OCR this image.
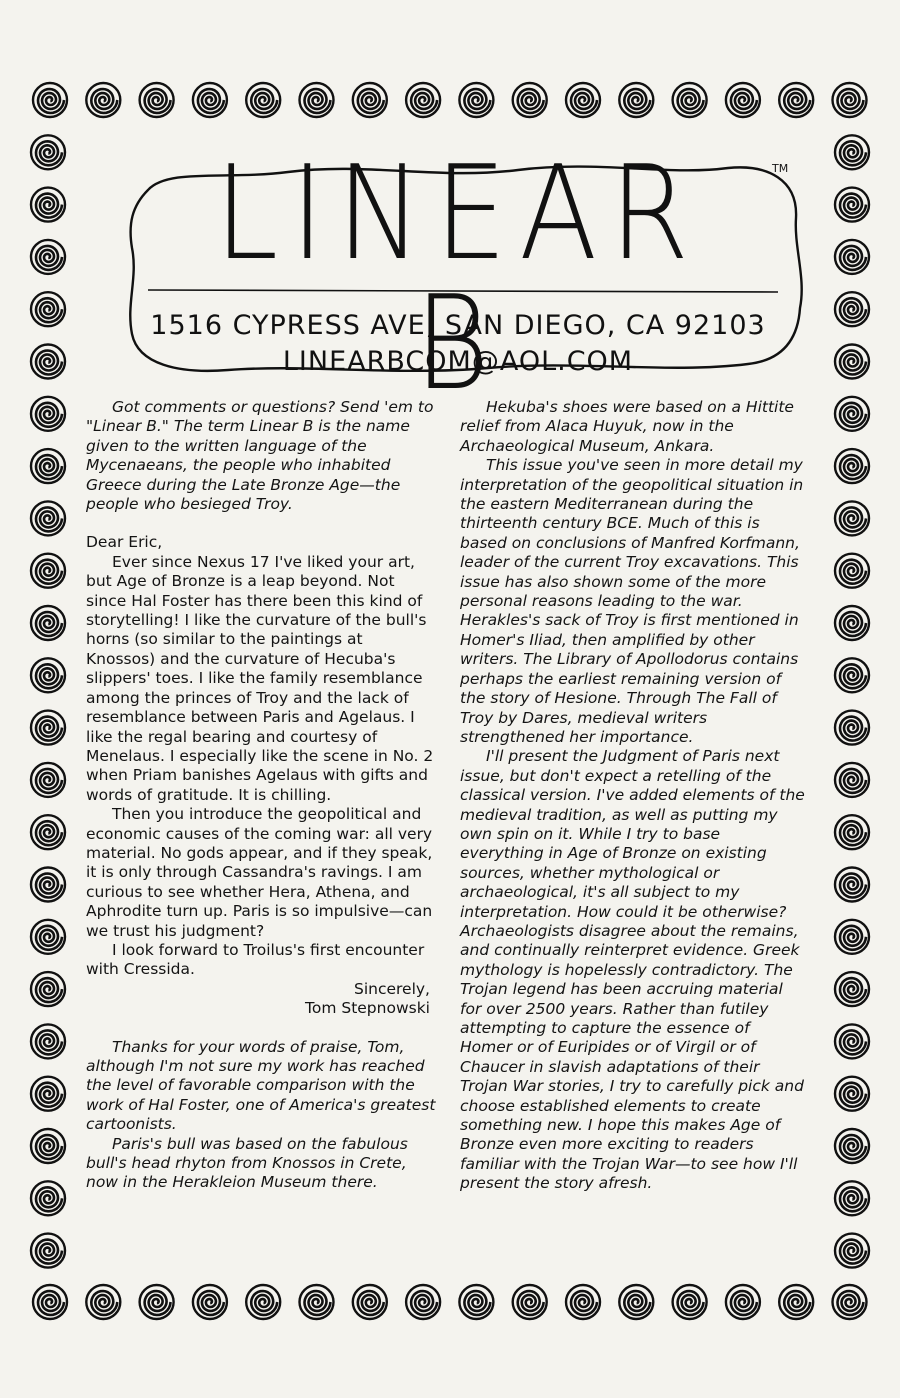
LINEAR B
TM
1516 CYPRESS AVE, SAN DIEGO, CA 92103
LINEARBCOM@AOL.COM

Got comments or questions? Send 'em to "Linear B." The term Linear B is the name given to the written language of the Mycenaeans, the people who inhabited Greece during the Late Bronze Age—the people who besieged Troy.

Dear Eric,

Ever since Nexus 17 I've liked your art, but Age of Bronze is a leap beyond. Not since Hal Foster has there been this kind of storytelling! I like the curvature of the bull's horns (so similar to the paintings at Knossos) and the curvature of Hecuba's slippers' toes. I like the family resemblance among the princes of Troy and the lack of resemblance between Paris and Agelaus. I like the regal bearing and courtesy of Menelaus. I especially like the scene in No. 2 when Priam banishes Agelaus with gifts and words of gratitude. It is chilling.

Then you introduce the geopolitical and economic causes of the coming war: all very material. No gods appear, and if they speak, it is only through Cassandra's ravings. I am curious to see whether Hera, Athena, and Aphrodite turn up. Paris is so impulsive—can we trust his judgment?

I look forward to Troilus's first encounter with Cressida.

Sincerely,

Tom Stepnowski

Thanks for your words of praise, Tom, although I'm not sure my work has reached the level of favorable comparison with the work of Hal Foster, one of America's greatest cartoonists.

Paris's bull was based on the fabulous bull's head rhyton from Knossos in Crete, now in the Herakleion Museum there.

Hekuba's shoes were based on a Hittite relief from Alaca Huyuk, now in the Archaeological Museum, Ankara.

This issue you've seen in more detail my interpretation of the geopolitical situation in the eastern Mediterranean during the thirteenth century BCE. Much of this is based on conclusions of Manfred Korfmann, leader of the current Troy excavations. This issue has also shown some of the more personal reasons leading to the war. Herakles's sack of Troy is first mentioned in Homer's Iliad, then amplified by other writers. The Library of Apollodorus contains perhaps the earliest remaining version of the story of Hesione. Through The Fall of Troy by Dares, medieval writers strengthened her importance.

I'll present the Judgment of Paris next issue, but don't expect a retelling of the classical version. I've added elements of the medieval tradition, as well as putting my own spin on it. While I try to base everything in Age of Bronze on existing sources, whether mythological or archaeological, it's all subject to my interpretation. How could it be otherwise? Archaeologists disagree about the remains, and continually reinterpret evidence. Greek mythology is hopelessly contradictory. The Trojan legend has been accruing material for over 2500 years. Rather than futiley attempting to capture the essence of Homer or of Euripides or of Virgil or of Chaucer in slavish adaptations of their Trojan War stories, I try to carefully pick and choose established elements to create something new. I hope this makes Age of Bronze even more exciting to readers familiar with the Trojan War—to see how I'll present the story afresh.
